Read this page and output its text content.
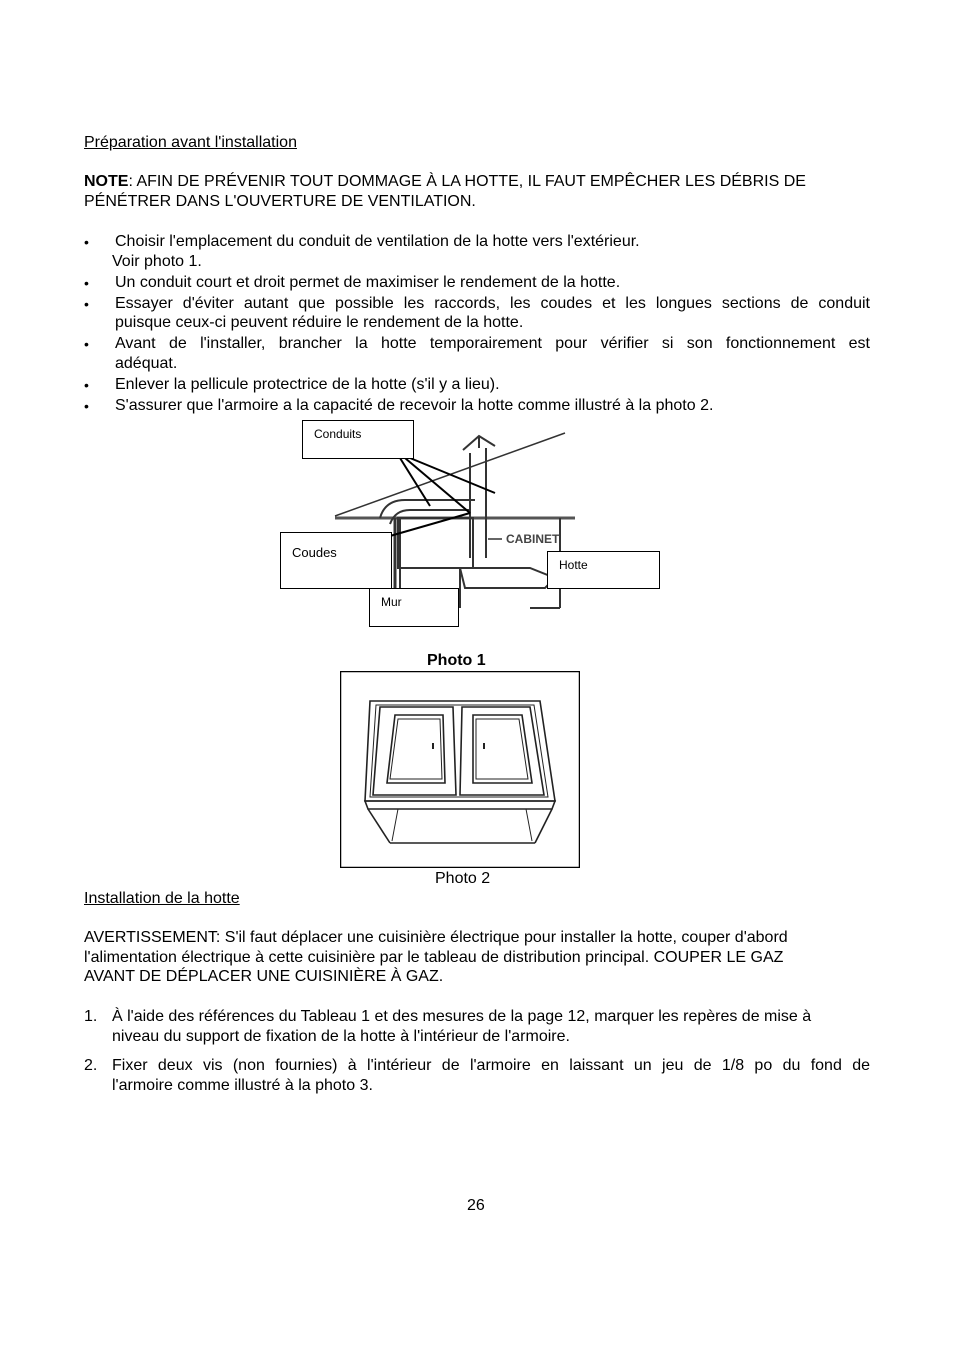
Préparation avant l'installation
NOTE: AFIN DE PRÉVENIR TOUT DOMMAGE À LA HOTTE, IL FAUT EMPÊCHER LES DÉBRIS DE
PÉNÉTRER DANS L'OUVERTURE DE VENTILATION.
• Choisir l'emplacement du conduit de ventilation de la hotte vers l'extérieur.
Voir photo 1.
• Un conduit court et droit permet de maximiser le rendement de la hotte.
• Essayer d'éviter autant que possible les raccords, les coudes et les longues sections de conduit
puisque ceux-ci peuvent réduire le rendement de la hotte.
• Avant de l'installer, brancher la hotte temporairement pour vérifier si son fonctionnement est
adéquat.
• Enlever la pellicule protectrice de la hotte (s'il y a lieu).
• S'assurer que l'armoire a la capacité de recevoir la hotte comme illustré à la photo 2.
CABINET
Conduits
Coudes
Mur
Hotte
Photo 1
Photo 2
Installation de la hotte
AVERTISSEMENT: S'il faut déplacer une cuisinière électrique pour installer la hotte, couper d'abord
l'alimentation électrique à cette cuisinière par le tableau de distribution principal. COUPER LE GAZ
AVANT DE DÉPLACER UNE CUISINIÈRE À GAZ.
1. À l'aide des références du Tableau 1 et des mesures de la page 12, marquer les repères de mise à
niveau du support de fixation de la hotte à l'intérieur de l'armoire.
2. Fixer deux vis (non fournies) à l'intérieur de l'armoire en laissant un jeu de 1/8 po du fond de
l'armoire comme illustré à la photo 3.
26
